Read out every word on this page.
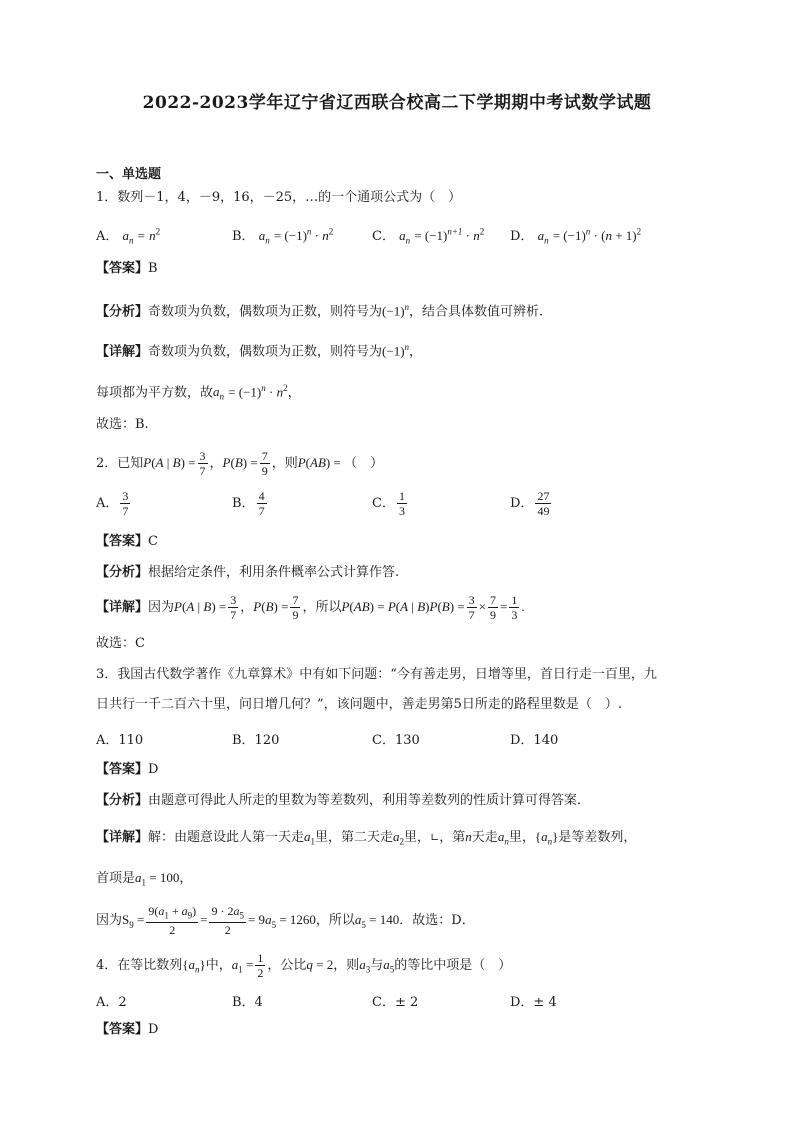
2022-2023学年辽宁省辽西联合校高二下学期期中考试数学试题
一、单选题
1．数列－1，4，－9，16，－25，…的一个通项公式为（　）
A． $a_n = n^2$	B． $a_n = (-1)^n \cdot n^2$	C． $a_n = (-1)^{n+1} \cdot n^2$ D． $a_n = (-1)^n \cdot (n + 1)^2$
【答案】B
【分析】奇数项为负数，偶数项为正数，则符号为$(-1)^n$，结合具体数值可辨析.
【详解】奇数项为负数，偶数项为正数，则符号为$(-1)^n$，
每项都为平方数，故$a_n = (-1)^n \cdot n^2$，
故选：B.
2．已知P(A | $B) = \frac{3}{7}$ ，$P(B) = \frac{7}{9}$ ，则P(AB) = （　）
A． $\frac{3}{7}$	B． $\frac{4}{7}$	C． $\frac{1}{3}$	D． $\frac{27}{49}$
【答案】C
【分析】根据给定条件，利用条件概率公式计算作答.
【详解】因为P(A | $B) = \frac{3}{7}$ ，$P(B) = \frac{7}{9}$ ，所以P(AB) = P(A | $B)P(B) = \frac{3}{7} \times \frac{7}{9} = \frac{1}{3}$ .
故选：C
3．我国古代数学著作《九章算术》中有如下问题：“今有善走男，日增等里，首日行走一百里，九
日共行一千二百六十里，问日增几何？”，该问题中，善走男第5日所走的路程里数是（　）.
A．110	B．120	C．130	D．140
【答案】D
【分析】由题意可得此人所走的里数为等差数列，利用等差数列的性质计算可得答案．
【详解】解：由题意设此人第一天走$a_1$里，第二天走$a_2$里，∟，第n天走$a_n$里，$\{a_n\}$是等差数列，
首项是$a_1 = 100$，
因为$S_9 = \frac{9(a_1 + a_9)}{2} = \frac{9 \cdot 2a_5}{2} = 9a_5 = 1260$，所以$a_5 = 140$．故选：D．
4．在等比数列$\{a_n\}$中，$a_1 = \frac{1}{2}$ ，公比q = 2，则$a_3$与$a_5$的等比中项是（　）
A．2	B．4	C．± 2	D．± 4
【答案】D
